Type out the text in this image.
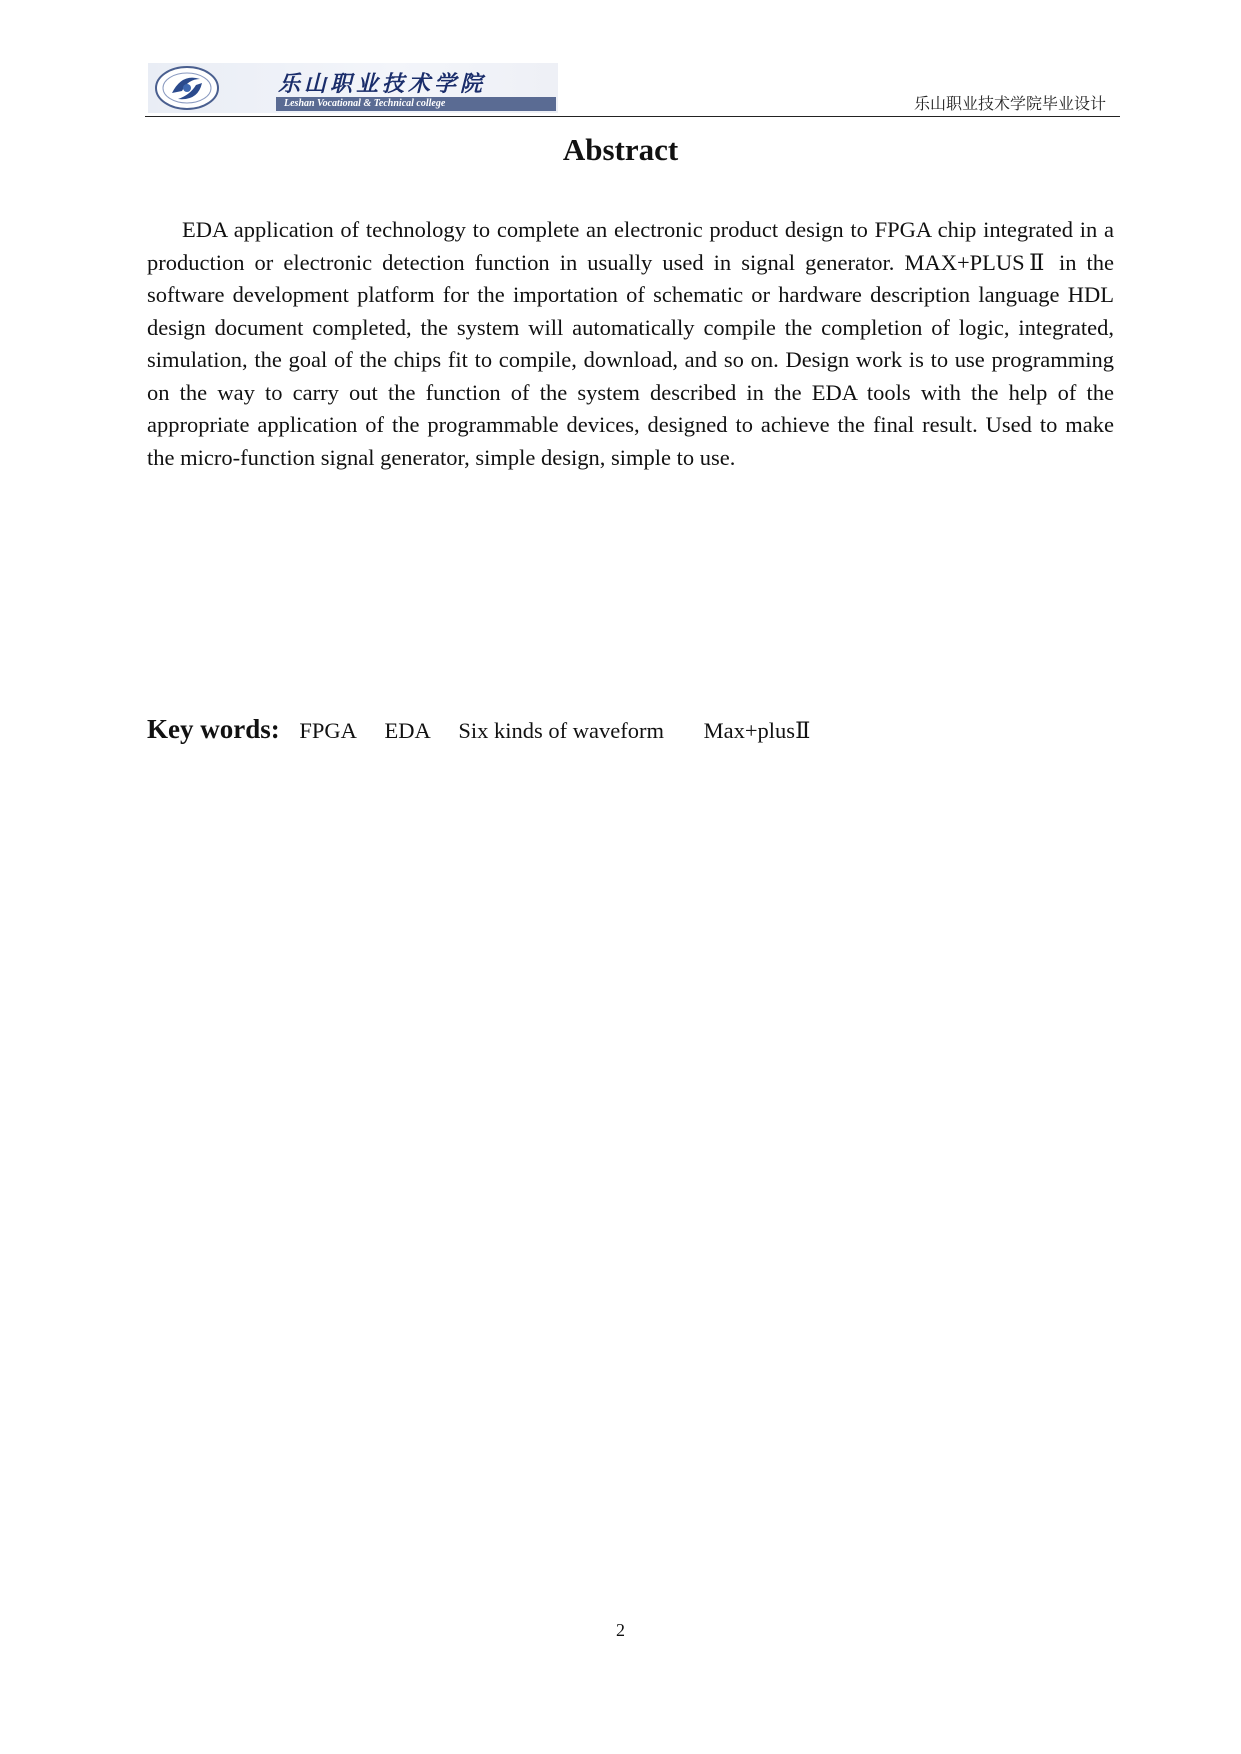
乐山职业技术学院
Leshan Vocational & Technical college	乐山职业技术学院毕业设计
Abstract

EDA application of technology to complete an electronic product design to FPGA chip integrated in a production or electronic detection function in usually used in signal generator. MAX+PLUSⅡ in the software development platform for the importation of schematic or hardware description language HDL design document completed, the system will automatically compile the completion of logic, integrated, simulation, the goal of the chips fit to compile, download, and so on. Design work is to use programming on the way to carry out the function of the system described in the EDA tools with the help of the appropriate application of the programmable devices, designed to achieve the final result. Used to make the micro-function signal generator, simple design, simple to use.

Key words: FPGA EDA Six kinds of waveform Max+plusⅡ
2
